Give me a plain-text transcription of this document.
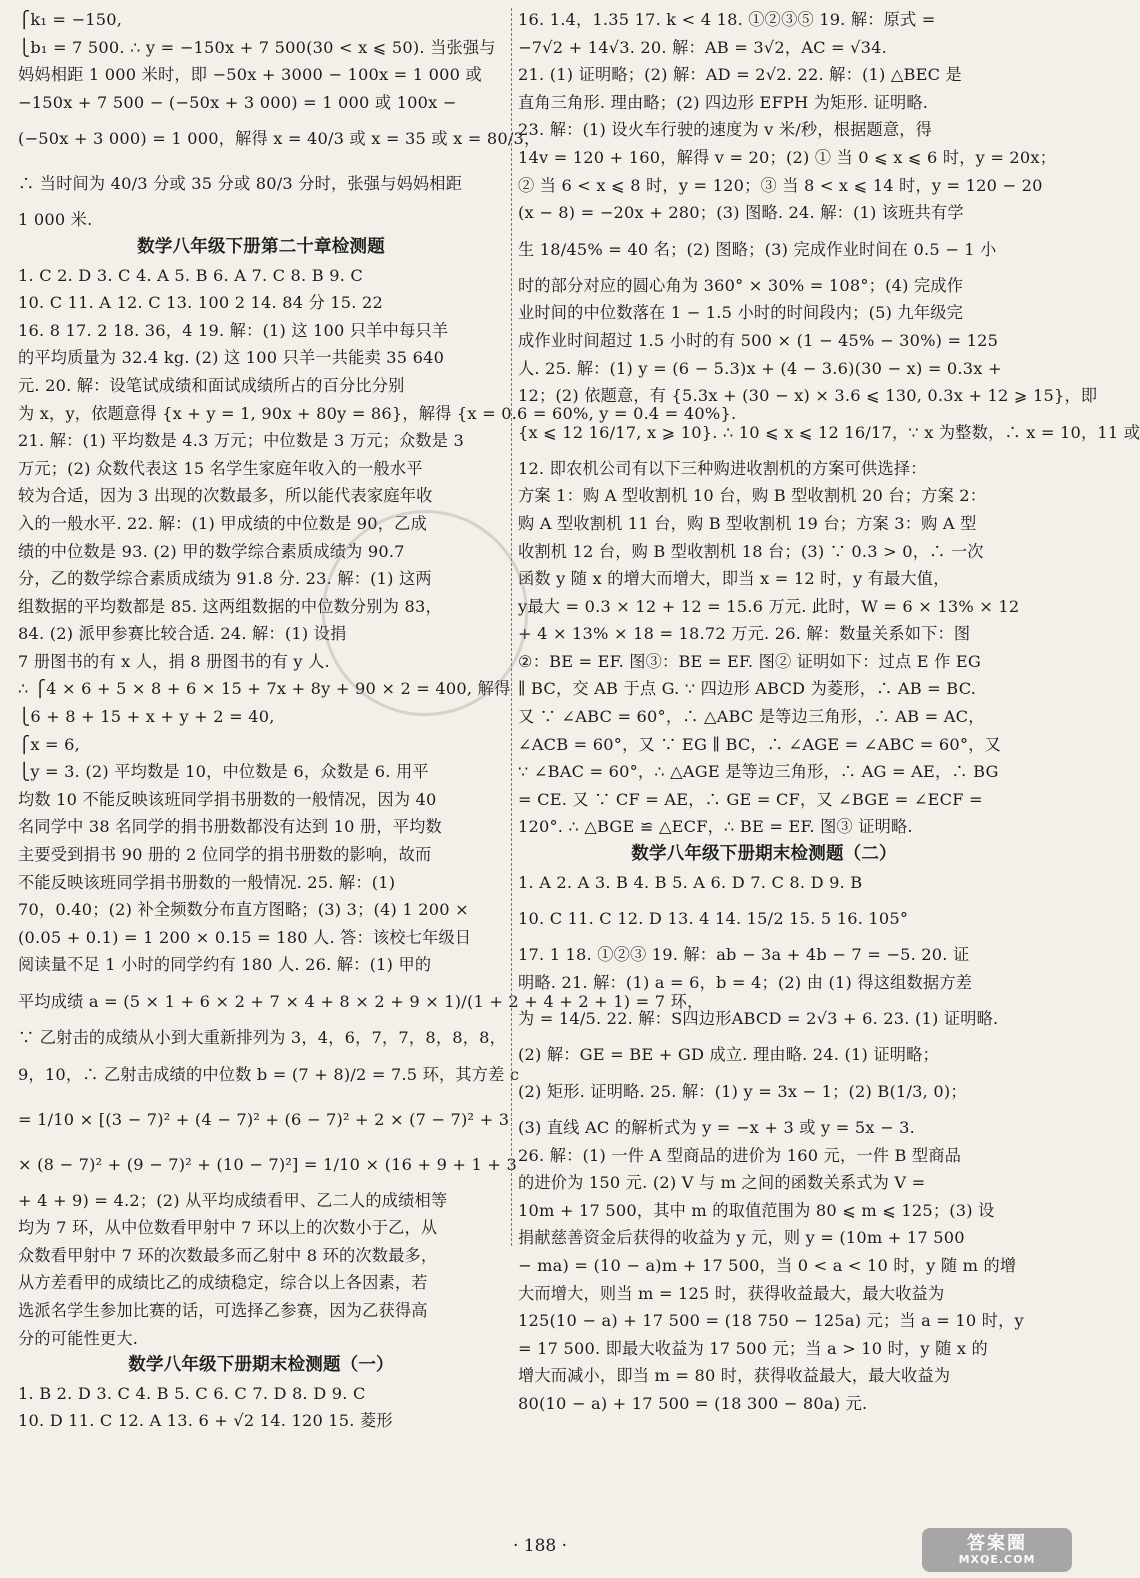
⎧k₁ = −150,
⎩b₁ = 7 500. ∴ y = −150x + 7 500(30 < x ⩽ 50). 当张强与
妈妈相距 1 000 米时，即 −50x + 3000 − 100x = 1 000 或
−150x + 7 500 − (−50x + 3 000) = 1 000 或 100x −
(−50x + 3 000) = 1 000，解得 x = 40/3 或 x = 35 或 x = 80/3，
∴ 当时间为 40/3 分或 35 分或 80/3 分时，张强与妈妈相距
1 000 米.
数学八年级下册第二十章检测题
1. C 2. D 3. C 4. A 5. B 6. A 7. C 8. B 9. C
10. C 11. A 12. C 13. 100 2 14. 84 分 15. 22
16. 8 17. 2 18. 36，4 19. 解：(1) 这 100 只羊中每只羊
的平均质量为 32.4 kg. (2) 这 100 只羊一共能卖 35 640
元. 20. 解：设笔试成绩和面试成绩所占的百分比分别
为 x，y，依题意得 {x + y = 1, 90x + 80y = 86}，解得 {x = 0.6 = 60%, y = 0.4 = 40%}.
21. 解：(1) 平均数是 4.3 万元；中位数是 3 万元；众数是 3
万元；(2) 众数代表这 15 名学生家庭年收入的一般水平
较为合适，因为 3 出现的次数最多，所以能代表家庭年收
入的一般水平. 22. 解：(1) 甲成绩的中位数是 90，乙成
绩的中位数是 93. (2) 甲的数学综合素质成绩为 90.7
分，乙的数学综合素质成绩为 91.8 分. 23. 解：(1) 这两
组数据的平均数都是 85. 这两组数据的中位数分别为 83，
84. (2) 派甲参赛比较合适. 24. 解：(1) 设捐
7 册图书的有 x 人，捐 8 册图书的有 y 人.
∴ ⎧4 × 6 + 5 × 8 + 6 × 15 + 7x + 8y + 90 × 2 = 400, 解得
⎩6 + 8 + 15 + x + y + 2 = 40,
⎧x = 6,
⎩y = 3. (2) 平均数是 10，中位数是 6，众数是 6. 用平
均数 10 不能反映该班同学捐书册数的一般情况，因为 40
名同学中 38 名同学的捐书册数都没有达到 10 册，平均数
主要受到捐书 90 册的 2 位同学的捐书册数的影响，故而
不能反映该班同学捐书册数的一般情况. 25. 解：(1)
70，0.40；(2) 补全频数分布直方图略；(3) 3；(4) 1 200 ×
(0.05 + 0.1) = 1 200 × 0.15 = 180 人. 答：该校七年级日
阅读量不足 1 小时的同学约有 180 人. 26. 解：(1) 甲的
平均成绩 a = (5 × 1 + 6 × 2 + 7 × 4 + 8 × 2 + 9 × 1)/(1 + 2 + 4 + 2 + 1) = 7 环，
∵ 乙射击的成绩从小到大重新排列为 3，4，6，7，7，8，8，8，
9，10，∴ 乙射击成绩的中位数 b = (7 + 8)/2 = 7.5 环，其方差 c
= 1/10 × [(3 − 7)² + (4 − 7)² + (6 − 7)² + 2 × (7 − 7)² + 3
× (8 − 7)² + (9 − 7)² + (10 − 7)²] = 1/10 × (16 + 9 + 1 + 3
+ 4 + 9) = 4.2；(2) 从平均成绩看甲、乙二人的成绩相等
均为 7 环，从中位数看甲射中 7 环以上的次数小于乙，从
众数看甲射中 7 环的次数最多而乙射中 8 环的次数最多，
从方差看甲的成绩比乙的成绩稳定，综合以上各因素，若
选派名学生参加比赛的话，可选择乙参赛，因为乙获得高
分的可能性更大.
数学八年级下册期末检测题（一）
1. B 2. D 3. C 4. B 5. C 6. C 7. D 8. D 9. C
10. D 11. C 12. A 13. 6 + √2 14. 120 15. 菱形
16. 1.4，1.35 17. k < 4 18. ①②③⑤ 19. 解：原式 =
−7√2 + 14√3. 20. 解：AB = 3√2，AC = √34.
21. (1) 证明略；(2) 解：AD = 2√2. 22. 解：(1) △BEC 是
直角三角形. 理由略；(2) 四边形 EFPH 为矩形. 证明略.
23. 解：(1) 设火车行驶的速度为 v 米/秒，根据题意，得
14v = 120 + 160，解得 v = 20；(2) ① 当 0 ⩽ x ⩽ 6 时，y = 20x；
② 当 6 < x ⩽ 8 时，y = 120；③ 当 8 < x ⩽ 14 时，y = 120 − 20
(x − 8) = −20x + 280；(3) 图略. 24. 解：(1) 该班共有学
生 18/45% = 40 名；(2) 图略；(3) 完成作业时间在 0.5 − 1 小
时的部分对应的圆心角为 360° × 30% = 108°；(4) 完成作
业时间的中位数落在 1 − 1.5 小时的时间段内；(5) 九年级完
成作业时间超过 1.5 小时的有 500 × (1 − 45% − 30%) = 125
人. 25. 解：(1) y = (6 − 5.3)x + (4 − 3.6)(30 − x) = 0.3x +
12；(2) 依题意，有 {5.3x + (30 − x) × 3.6 ⩽ 130, 0.3x + 12 ⩾ 15}，即
{x ⩽ 12 16/17, x ⩾ 10}. ∴ 10 ⩽ x ⩽ 12 16/17，∵ x 为整数，∴ x = 10，11 或
12. 即农机公司有以下三种购进收割机的方案可供选择：
方案 1：购 A 型收割机 10 台，购 B 型收割机 20 台；方案 2：
购 A 型收割机 11 台，购 B 型收割机 19 台；方案 3：购 A 型
收割机 12 台，购 B 型收割机 18 台；(3) ∵ 0.3 > 0，∴ 一次
函数 y 随 x 的增大而增大，即当 x = 12 时，y 有最大值，
y最大 = 0.3 × 12 + 12 = 15.6 万元. 此时，W = 6 × 13% × 12
+ 4 × 13% × 18 = 18.72 万元. 26. 解：数量关系如下：图
②：BE = EF. 图③：BE = EF. 图② 证明如下：过点 E 作 EG
∥ BC，交 AB 于点 G. ∵ 四边形 ABCD 为菱形，∴ AB = BC.
又 ∵ ∠ABC = 60°，∴ △ABC 是等边三角形，∴ AB = AC，
∠ACB = 60°，又 ∵ EG ∥ BC，∴ ∠AGE = ∠ABC = 60°，又
∵ ∠BAC = 60°，∴ △AGE 是等边三角形，∴ AG = AE，∴ BG
= CE. 又 ∵ CF = AE，∴ GE = CF，又 ∠BGE = ∠ECF =
120°. ∴ △BGE ≌ △ECF，∴ BE = EF. 图③ 证明略.
数学八年级下册期末检测题（二）
1. A 2. A 3. B 4. B 5. A 6. D 7. C 8. D 9. B
10. C 11. C 12. D 13. 4 14. 15/2 15. 5 16. 105°
17. 1 18. ①②③ 19. 解：ab − 3a + 4b − 7 = −5. 20. 证
明略. 21. 解：(1) a = 6，b = 4；(2) 由 (1) 得这组数据方差
为 = 14/5. 22. 解：S四边形ABCD = 2√3 + 6. 23. (1) 证明略.
(2) 解：GE = BE + GD 成立. 理由略. 24. (1) 证明略；
(2) 矩形. 证明略. 25. 解：(1) y = 3x − 1；(2) B(1/3, 0)；
(3) 直线 AC 的解析式为 y = −x + 3 或 y = 5x − 3.
26. 解：(1) 一件 A 型商品的进价为 160 元，一件 B 型商品
的进价为 150 元. (2) V 与 m 之间的函数关系式为 V =
10m + 17 500，其中 m 的取值范围为 80 ⩽ m ⩽ 125；(3) 设
捐献慈善资金后获得的收益为 y 元，则 y = (10m + 17 500
− ma) = (10 − a)m + 17 500，当 0 < a < 10 时，y 随 m 的增
大而增大，则当 m = 125 时，获得收益最大，最大收益为
125(10 − a) + 17 500 = (18 750 − 125a) 元；当 a = 10 时，y
= 17 500. 即最大收益为 17 500 元；当 a > 10 时，y 随 x 的
增大而减小，即当 m = 80 时，获得收益最大，最大收益为
80(10 − a) + 17 500 = (18 300 − 80a) 元.
· 188 ·	答案圈
MXQE.COM
